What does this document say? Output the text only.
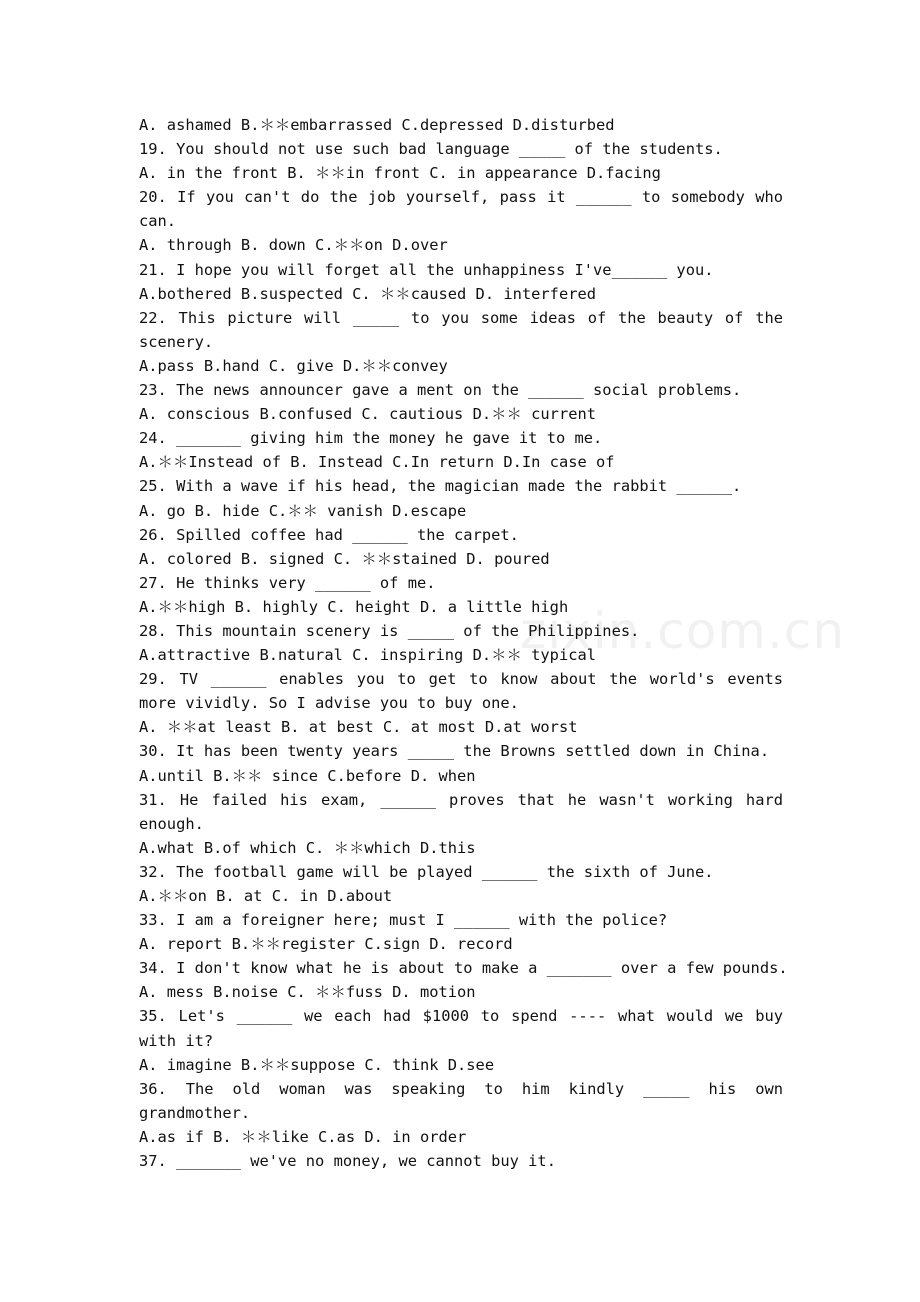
zixin.com.cn
A. ashamed B.＊＊embarrassed C.depressed D.disturbed
19. You should not use such bad language _____ of the students.
A. in the front B. ＊＊in front C. in appearance D.facing
20. If you can't do the job yourself, pass it ______ to somebody who can.
A. through B. down C.＊＊on D.over
21. I hope you will forget all the unhappiness I've______ you.
A.bothered B.suspected C. ＊＊caused D. interfered
22. This picture will _____ to you some ideas of the beauty of the scenery.
A.pass B.hand C. give D.＊＊convey
23. The news announcer gave a ment on the ______ social problems.
A. conscious B.confused C. cautious D.＊＊ current
24. _______ giving him the money he gave it to me.
A.＊＊Instead of B. Instead C.In return D.In case of
25. With a wave if his head, the magician made the rabbit ______.
A. go B. hide C.＊＊ vanish D.escape
26. Spilled coffee had ______ the carpet.
A. colored B. signed C. ＊＊stained D. poured
27. He thinks very ______ of me.
A.＊＊high B. highly C. height D. a little high
28. This mountain scenery is _____ of the Philippines.
A.attractive B.natural C. inspiring D.＊＊ typical
29. TV ______ enables you to get to know about the world's events more vividly. So I advise you to buy one.
A. ＊＊at least B. at best C. at most D.at worst
30. It has been twenty years _____ the Browns settled down in China.
A.until B.＊＊ since C.before D. when
31. He failed his exam, ______ proves that he wasn't working hard enough.
A.what B.of which C. ＊＊which D.this
32. The football game will be played ______ the sixth of June.
A.＊＊on B. at C. in D.about
33. I am a foreigner here; must I ______ with the police?
A. report B.＊＊register C.sign D. record
34. I don't know what he is about to make a _______ over a few pounds.
A. mess B.noise C. ＊＊fuss D. motion
35. Let's ______ we each had $1000 to spend ---- what would we buy with it?
A. imagine B.＊＊suppose C. think D.see
36. The old woman was speaking to him kindly _____ his own grandmother.
A.as if B. ＊＊like C.as D. in order
37. _______ we've no money, we cannot buy it.
